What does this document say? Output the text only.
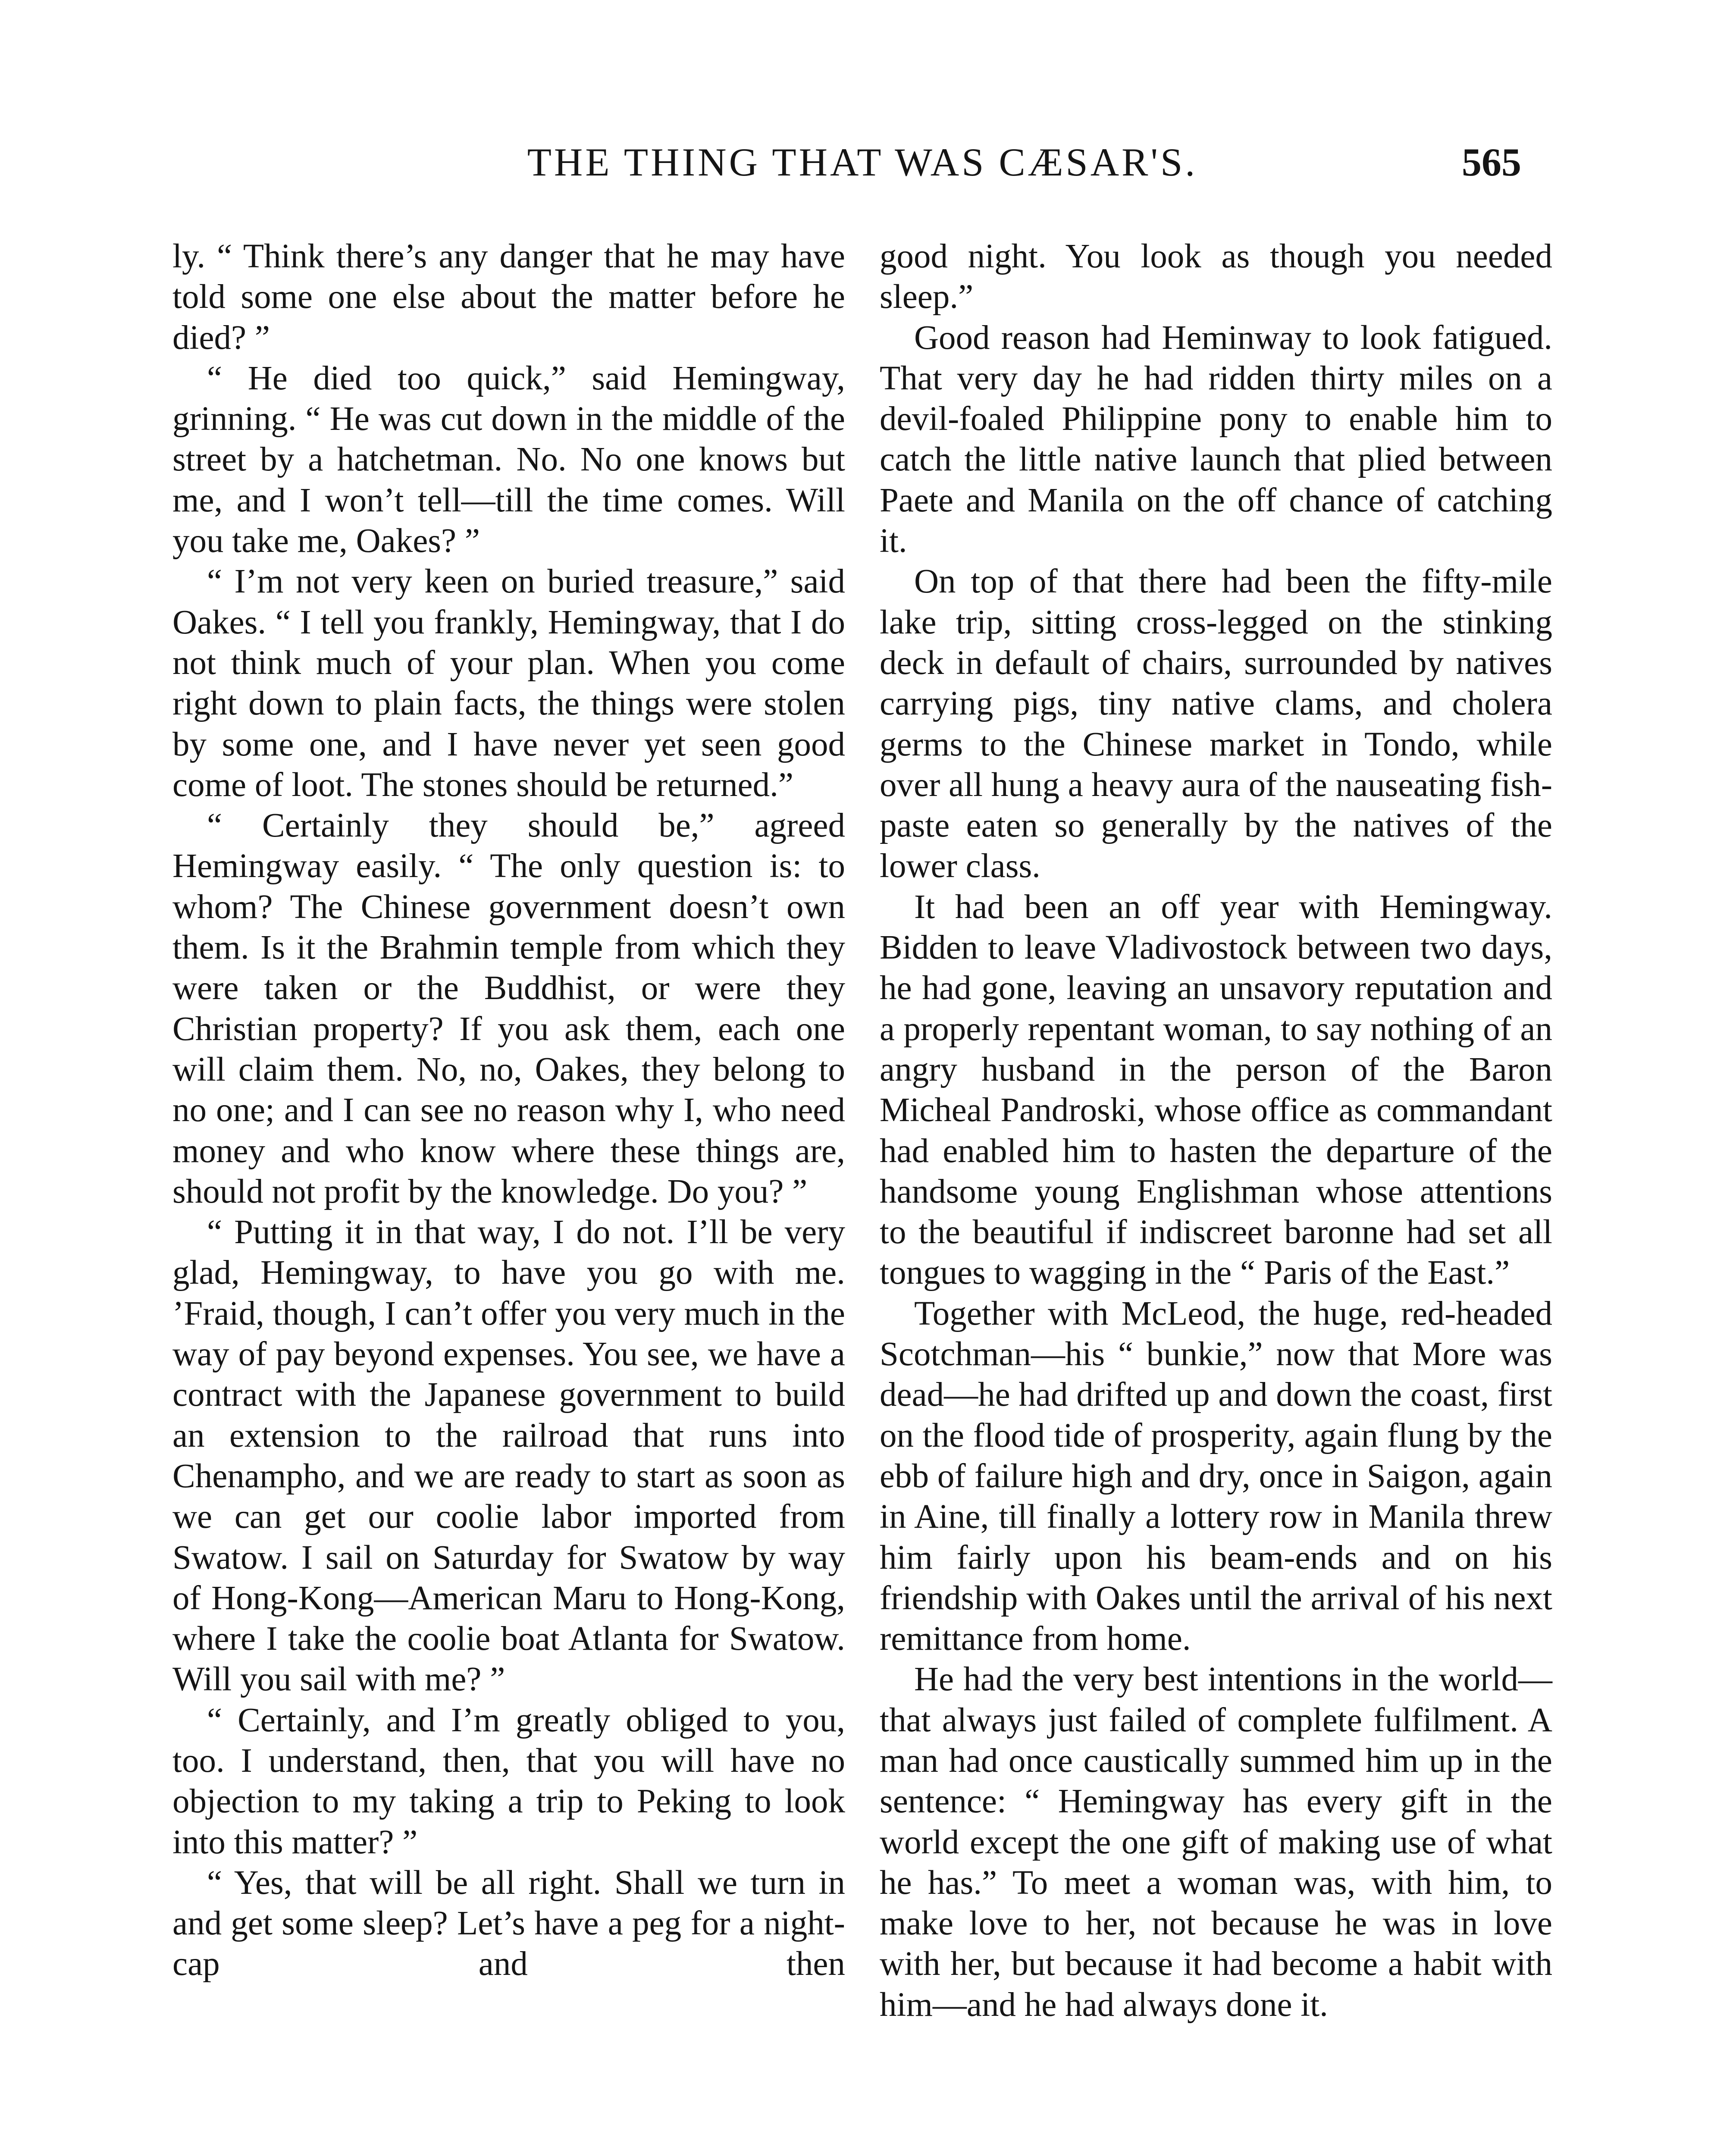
THE THING THAT WAS CÆSAR'S.	565

ly. “ Think there’s any danger that he may have told some one else about the matter before he died? ”

“ He died too quick,” said Hemingway, grinning. “ He was cut down in the middle of the street by a hatchetman. No. No one knows but me, and I won’t tell—till the time comes. Will you take me, Oakes? ”

“ I’m not very keen on buried treasure,” said Oakes. “ I tell you frankly, Hemingway, that I do not think much of your plan. When you come right down to plain facts, the things were stolen by some one, and I have never yet seen good come of loot. The stones should be returned.”

“ Certainly they should be,” agreed Hemingway easily. “ The only question is: to whom? The Chinese government doesn’t own them. Is it the Brahmin temple from which they were taken or the Buddhist, or were they Christian property? If you ask them, each one will claim them. No, no, Oakes, they belong to no one; and I can see no reason why I, who need money and who know where these things are, should not profit by the knowledge. Do you? ”

“ Putting it in that way, I do not. I’ll be very glad, Hemingway, to have you go with me. ’Fraid, though, I can’t offer you very much in the way of pay beyond expenses. You see, we have a contract with the Japanese government to build an extension to the railroad that runs into Chenampho, and we are ready to start as soon as we can get our coolie labor imported from Swatow. I sail on Saturday for Swatow by way of Hong-Kong—American Maru to Hong-Kong, where I take the coolie boat Atlanta for Swatow. Will you sail with me? ”

“ Certainly, and I’m greatly obliged to you, too. I understand, then, that you will have no objection to my taking a trip to Peking to look into this matter? ”

“ Yes, that will be all right. Shall we turn in and get some sleep? Let’s have a peg for a night-cap and then

good night. You look as though you needed sleep.”

Good reason had Heminway to look fatigued. That very day he had ridden thirty miles on a devil-foaled Philippine pony to enable him to catch the little native launch that plied between Paete and Manila on the off chance of catching it.

On top of that there had been the fifty-mile lake trip, sitting cross-legged on the stinking deck in default of chairs, surrounded by natives carrying pigs, tiny native clams, and cholera germs to the Chinese market in Tondo, while over all hung a heavy aura of the nauseating fish-paste eaten so generally by the natives of the lower class.

It had been an off year with Hemingway. Bidden to leave Vladivostock between two days, he had gone, leaving an unsavory reputation and a properly repentant woman, to say nothing of an angry husband in the person of the Baron Micheal Pandroski, whose office as commandant had enabled him to hasten the departure of the handsome young Englishman whose attentions to the beautiful if indiscreet baronne had set all tongues to wagging in the “ Paris of the East.”

Together with McLeod, the huge, red-headed Scotchman—his “ bunkie,” now that More was dead—he had drifted up and down the coast, first on the flood tide of prosperity, again flung by the ebb of failure high and dry, once in Saigon, again in Aine, till finally a lottery row in Manila threw him fairly upon his beam-ends and on his friendship with Oakes until the arrival of his next remittance from home.

He had the very best intentions in the world—that always just failed of complete fulfilment. A man had once caustically summed him up in the sentence: “ Hemingway has every gift in the world except the one gift of making use of what he has.” To meet a woman was, with him, to make love to her, not because he was in love with her, but because it had become a habit with him—and he had always done it.
